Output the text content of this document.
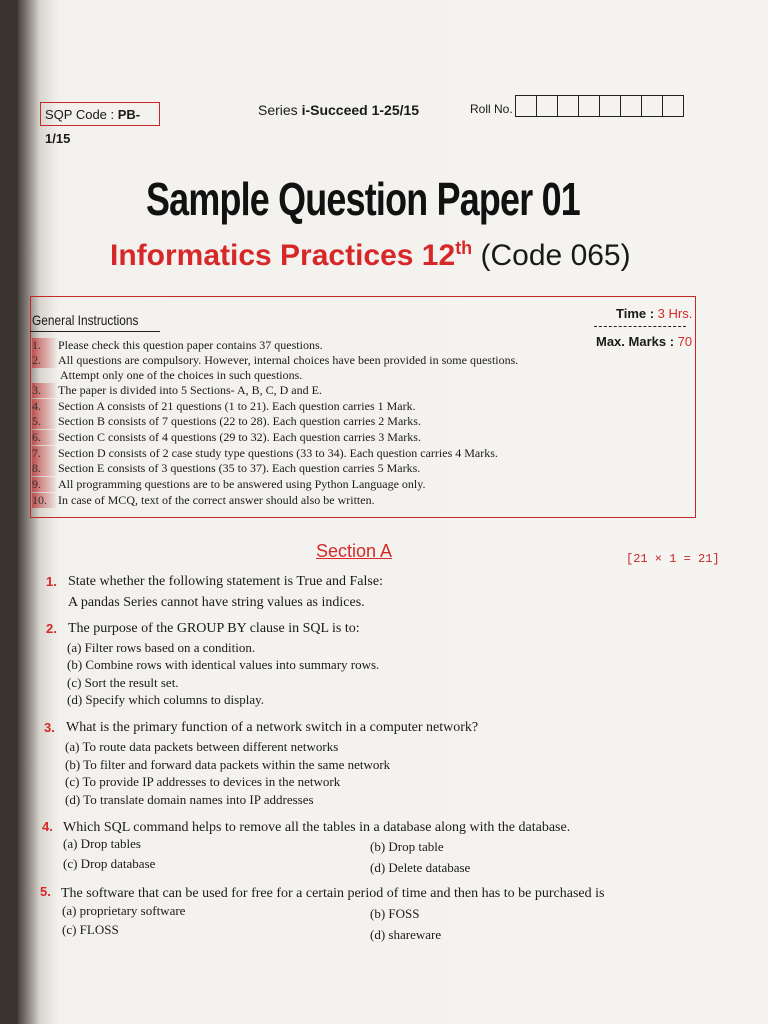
SQP Code : PB-1/15
Series i-Succeed 1-25/15	Roll No.
Sample Question Paper 01
Informatics Practices 12th (Code 065)
General Instructions	Time : 3 Hrs.
Max. Marks : 70
1. Please check this question paper contains 37 questions.
2. All questions are compulsory. However, internal choices have been provided in some questions.
Attempt only one of the choices in such questions.
3. The paper is divided into 5 Sections- A, B, C, D and E.
4. Section A consists of 21 questions (1 to 21). Each question carries 1 Mark.
5. Section B consists of 7 questions (22 to 28). Each question carries 2 Marks.
6. Section C consists of 4 questions (29 to 32). Each question carries 3 Marks.
7. Section D consists of 2 case study type questions (33 to 34). Each question carries 4 Marks.
8. Section E consists of 3 questions (35 to 37). Each question carries 5 Marks.
9. All programming questions are to be answered using Python Language only.
10. In case of MCQ, text of the correct answer should also be written.
Section A	[21 × 1 = 21]
1. State whether the following statement is True and False:
A pandas Series cannot have string values as indices.
2. The purpose of the GROUP BY clause in SQL is to:
(a) Filter rows based on a condition.
(b) Combine rows with identical values into summary rows.
(c) Sort the result set.
(d) Specify which columns to display.
3. What is the primary function of a network switch in a computer network?
(a) To route data packets between different networks
(b) To filter and forward data packets within the same network
(c) To provide IP addresses to devices in the network
(d) To translate domain names into IP addresses
4. Which SQL command helps to remove all the tables in a database along with the database.
(a) Drop tables	(b) Drop table
(c) Drop database	(d) Delete database
5. The software that can be used for free for a certain period of time and then has to be purchased is
(a) proprietary software	(b) FOSS
(c) FLOSS	(d) shareware
